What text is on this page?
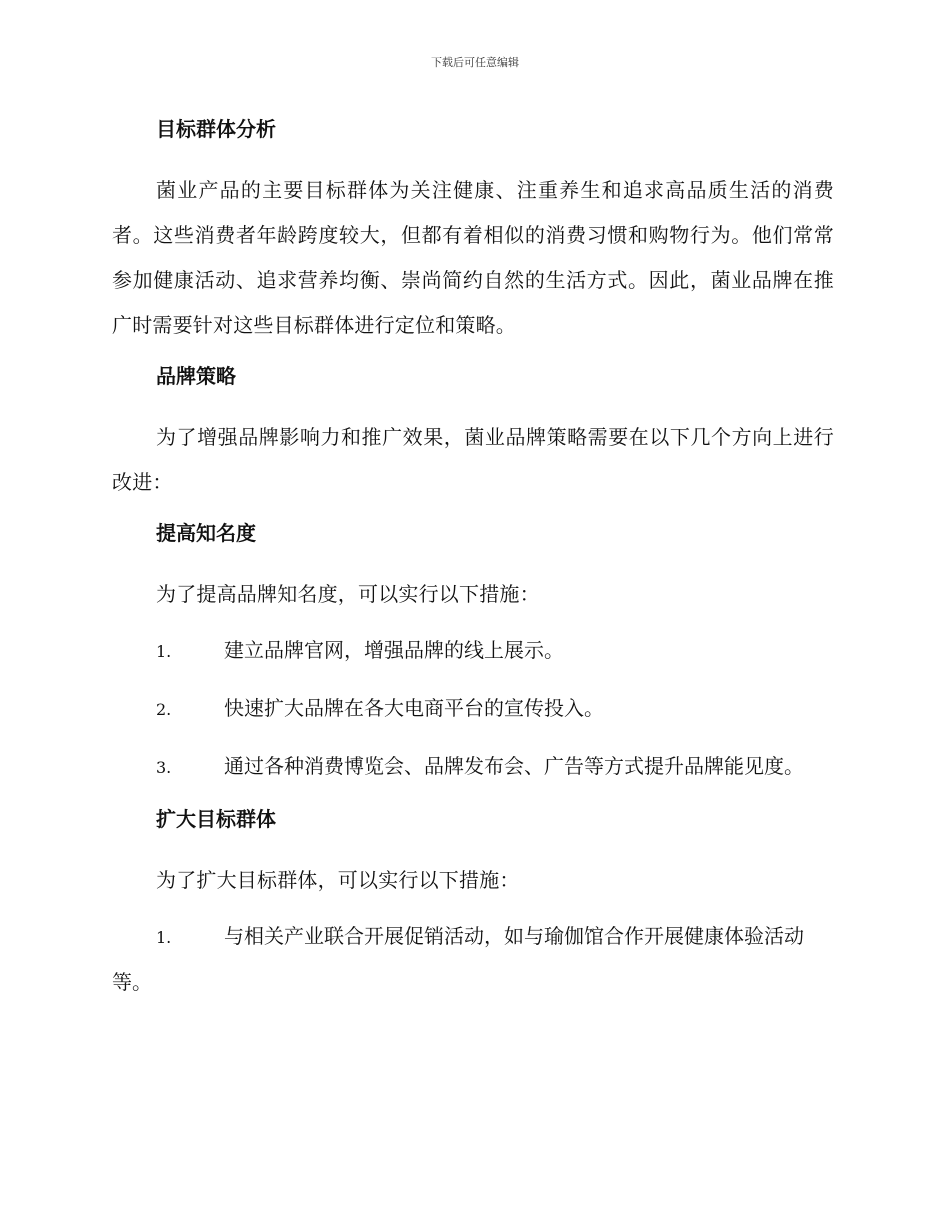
下载后可任意编辑
目标群体分析

菌业产品的主要目标群体为关注健康、注重养生和追求高品质生活的消费者。这些消费者年龄跨度较大，但都有着相似的消费习惯和购物行为。他们常常参加健康活动、追求营养均衡、崇尚简约自然的生活方式。因此，菌业品牌在推广时需要针对这些目标群体进行定位和策略。

品牌策略

为了增强品牌影响力和推广效果，菌业品牌策略需要在以下几个方向上进行改进：

提高知名度

为了提高品牌知名度，可以实行以下措施：

1.	建立品牌官网，增强品牌的线上展示。
2.	快速扩大品牌在各大电商平台的宣传投入。
3.	通过各种消费博览会、品牌发布会、广告等方式提升品牌能见度。
扩大目标群体

为了扩大目标群体，可以实行以下措施：

1.	与相关产业联合开展促销活动，如与瑜伽馆合作开展健康体验活动等。
